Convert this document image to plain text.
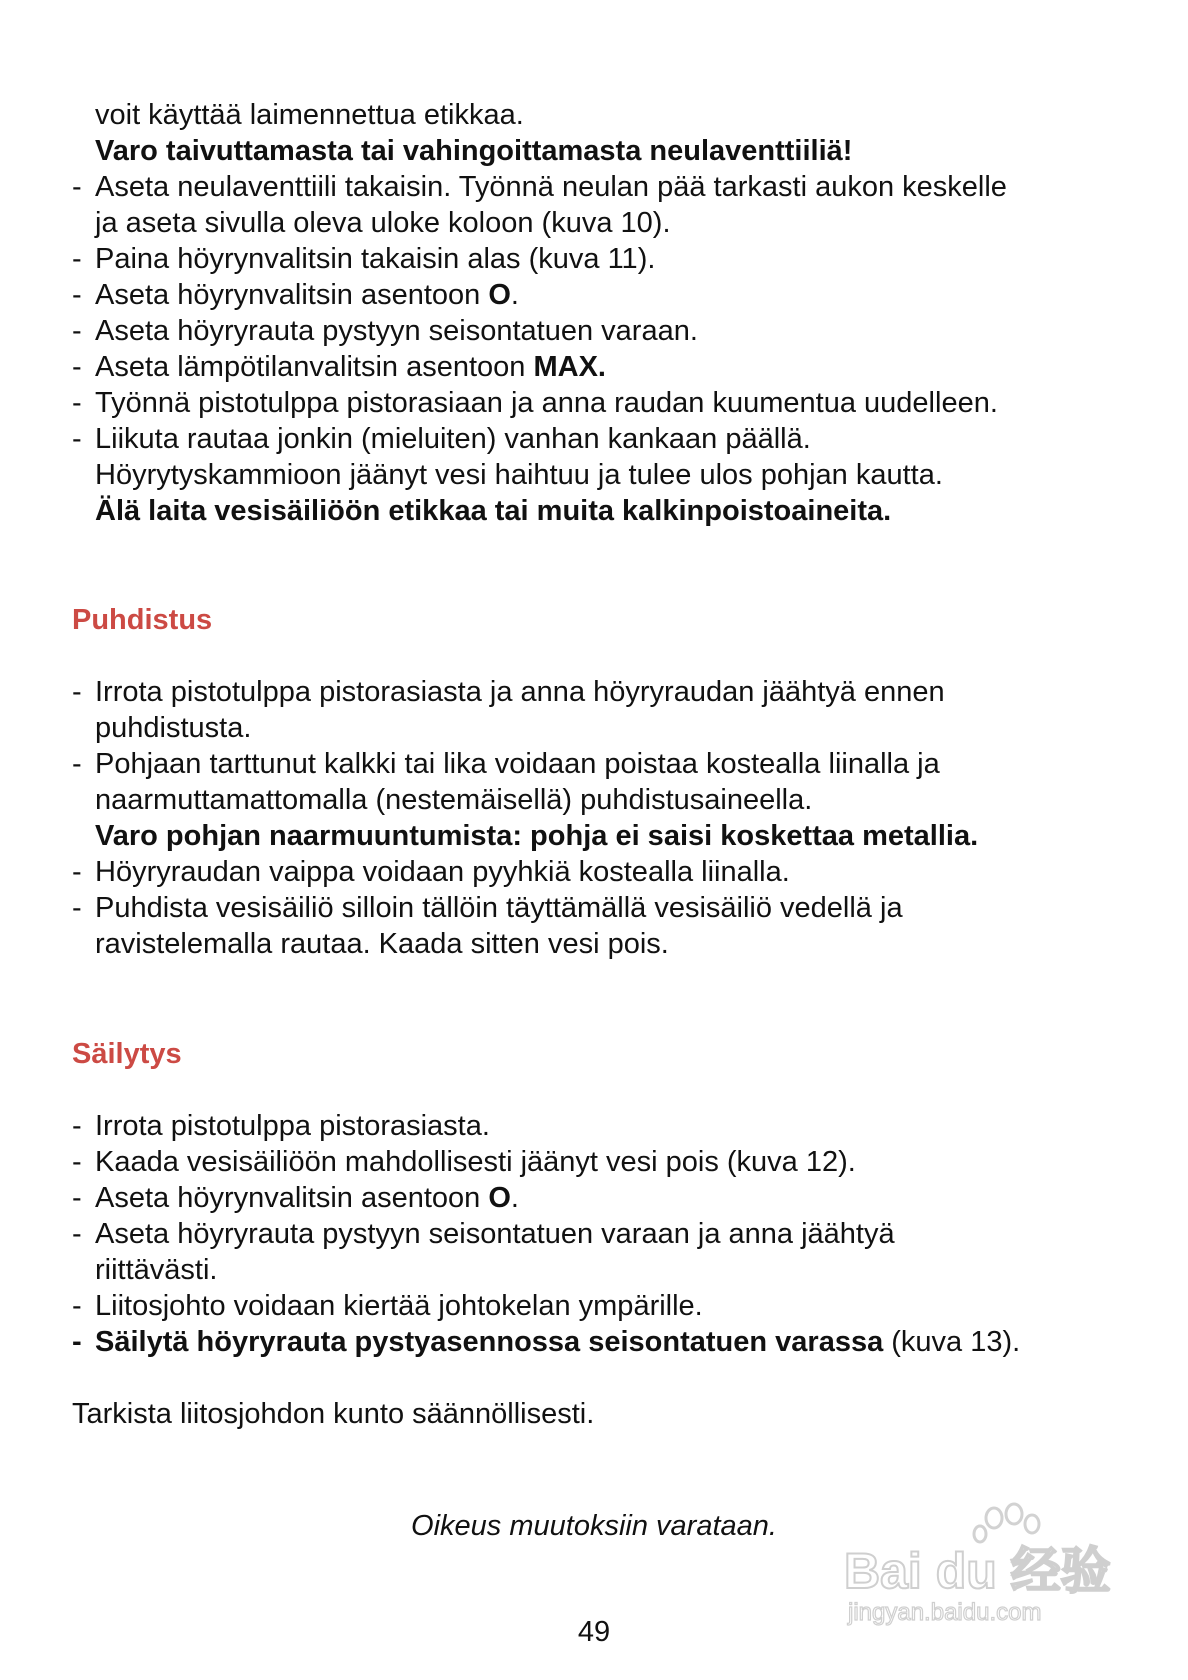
voit käyttää laimennettua etikkaa.
Varo taivuttamasta tai vahingoittamasta neulaventtiiliä!
- Aseta neulaventtiili takaisin. Työnnä neulan pää tarkasti aukon keskelle
ja aseta sivulla oleva uloke koloon (kuva 10).
- Paina höyrynvalitsin takaisin alas (kuva 11).
- Aseta höyrynvalitsin asentoon O.
- Aseta höyryrauta pystyyn seisontatuen varaan.
- Aseta lämpötilanvalitsin asentoon MAX.
- Työnnä pistotulppa pistorasiaan ja anna raudan kuumentua uudelleen.
- Liikuta rautaa jonkin (mieluiten) vanhan kankaan päällä.
Höyrytyskammioon jäänyt vesi haihtuu ja tulee ulos pohjan kautta.
Älä laita vesisäiliöön etikkaa tai muita kalkinpoistoaineita.
Puhdistus
- Irrota pistotulppa pistorasiasta ja anna höyryraudan jäähtyä ennen
puhdistusta.
- Pohjaan tarttunut kalkki tai lika voidaan poistaa kostealla liinalla ja
naarmuttamattomalla (nestemäisellä) puhdistusaineella.
Varo pohjan naarmuuntumista: pohja ei saisi koskettaa metallia.
- Höyryraudan vaippa voidaan pyyhkiä kostealla liinalla.
- Puhdista vesisäiliö silloin tällöin täyttämällä vesisäiliö vedellä ja
ravistelemalla rautaa. Kaada sitten vesi pois.
Säilytys
- Irrota pistotulppa pistorasiasta.
- Kaada vesisäiliöön mahdollisesti jäänyt vesi pois (kuva 12).
- Aseta höyrynvalitsin asentoon O.
- Aseta höyryrauta pystyyn seisontatuen varaan ja anna jäähtyä
riittävästi.
- Liitosjohto voidaan kiertää johtokelan ympärille.
- Säilytä höyryrauta pystyasennossa seisontatuen varassa (kuva 13).
Tarkista liitosjohdon kunto säännöllisesti.
Oikeus muutoksiin varataan.
Bai du 经验
jingyan.baidu.com
49
